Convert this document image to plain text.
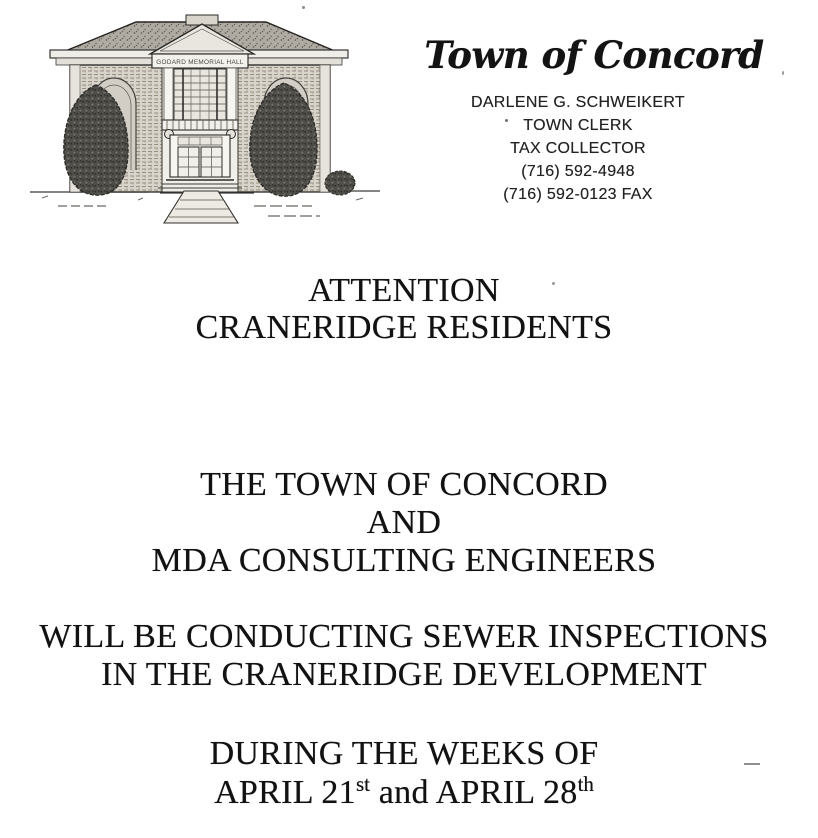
GODARD MEMORIAL HALL	Town of Concord
DARLENE G. SCHWEIKERT
TOWN CLERK
TAX COLLECTOR
(716) 592-4948
(716) 592-0123 FAX
ATTENTION
CRANERIDGE RESIDENTS
THE TOWN OF CONCORD
AND
MDA CONSULTING ENGINEERS
WILL BE CONDUCTING SEWER INSPECTIONS
IN THE CRANERIDGE DEVELOPMENT
DURING THE WEEKS OF
APRIL 21st and APRIL 28th
